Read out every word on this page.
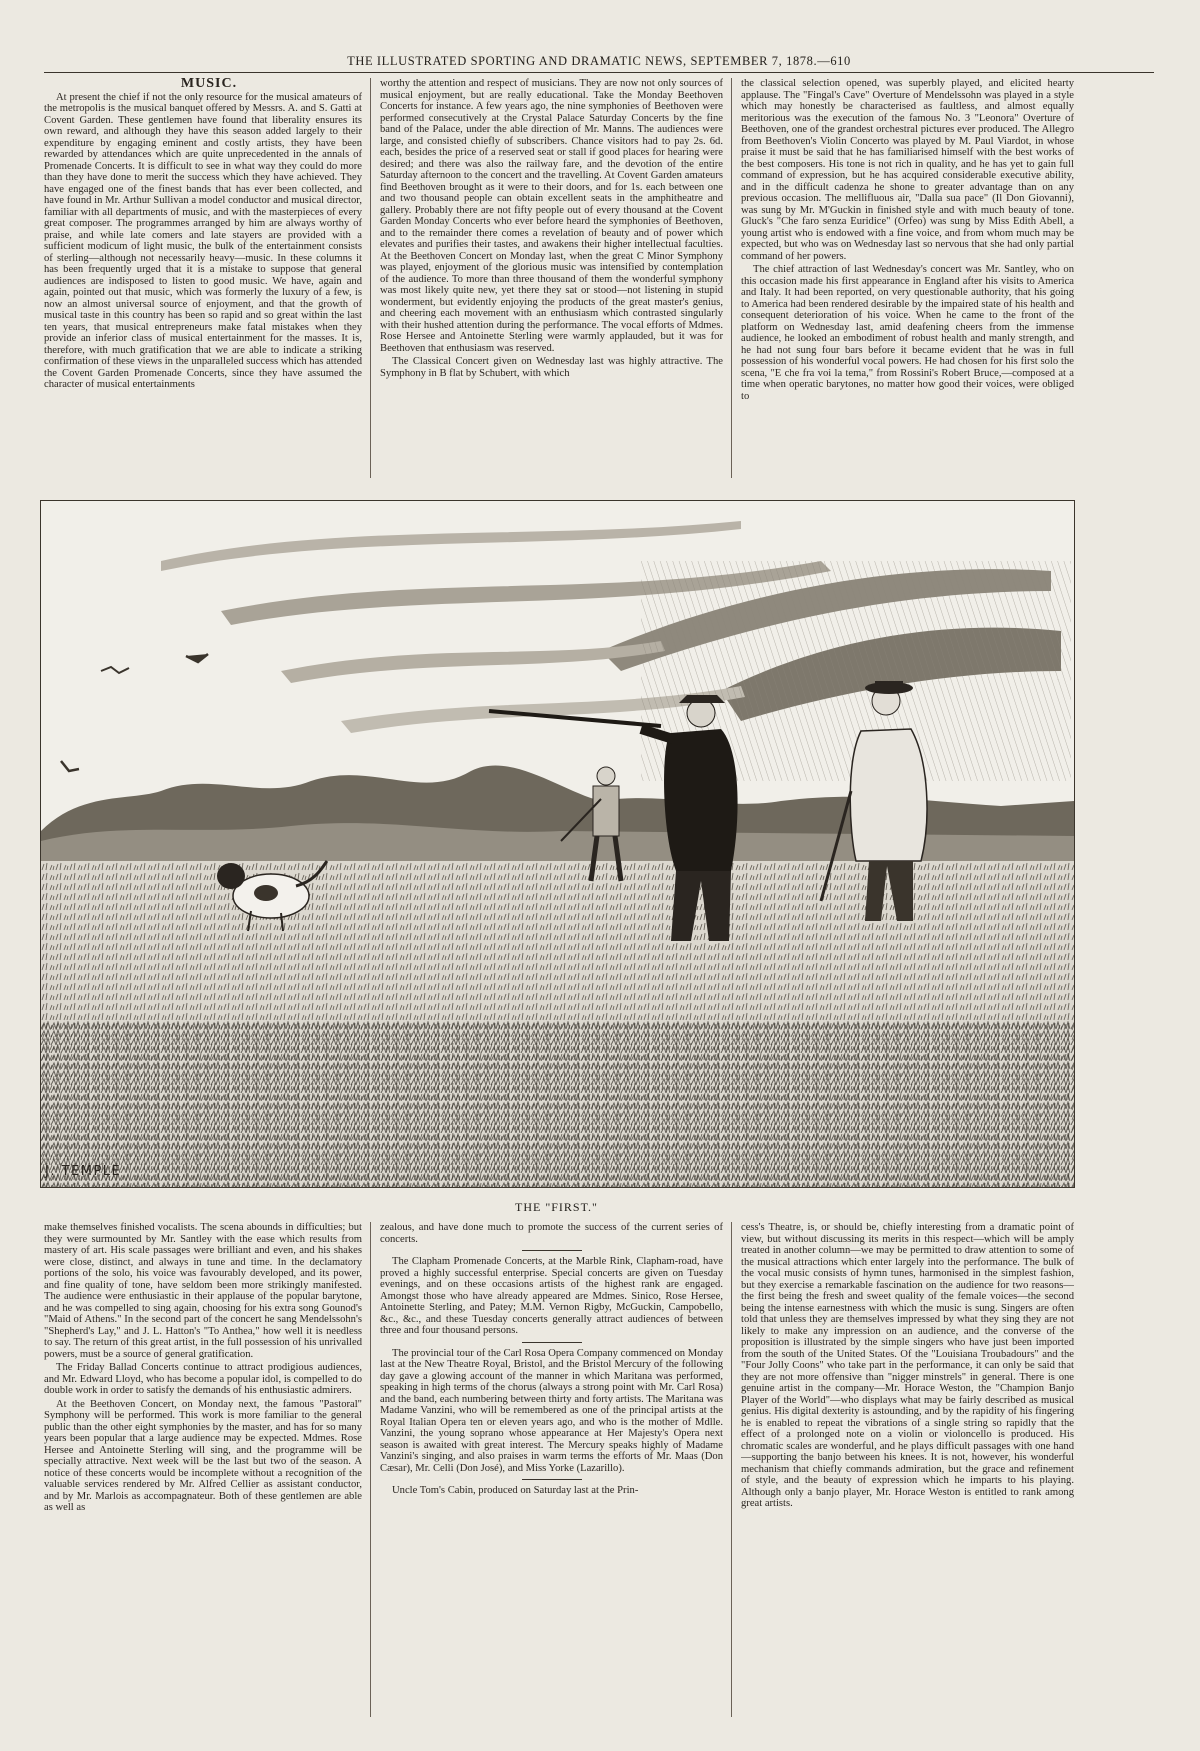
THE ILLUSTRATED SPORTING AND DRAMATIC NEWS, SEPTEMBER 7, 1878.—610

MUSIC.

At present the chief if not the only resource for the musical amateurs of the metropolis is the musical banquet offered by Messrs. A. and S. Gatti at Covent Garden. These gentlemen have found that liberality ensures its own reward, and although they have this season added largely to their expenditure by engaging eminent and costly artists, they have been rewarded by attendances which are quite unprecedented in the annals of Promenade Concerts. It is difficult to see in what way they could do more than they have done to merit the success which they have achieved. They have engaged one of the finest bands that has ever been collected, and have found in Mr. Arthur Sullivan a model conductor and musical director, familiar with all departments of music, and with the masterpieces of every great composer. The programmes arranged by him are always worthy of praise, and while late comers and late stayers are provided with a sufficient modicum of light music, the bulk of the entertainment consists of sterling—although not necessarily heavy—music. In these columns it has been frequently urged that it is a mistake to suppose that general audiences are indisposed to listen to good music. We have, again and again, pointed out that music, which was formerly the luxury of a few, is now an almost universal source of enjoyment, and that the growth of musical taste in this country has been so rapid and so great within the last ten years, that musical entrepreneurs make fatal mistakes when they provide an inferior class of musical entertainment for the masses. It is, therefore, with much gratification that we are able to indicate a striking confirmation of these views in the unparalleled success which has attended the Covent Garden Promenade Concerts, since they have assumed the character of musical entertainments

worthy the attention and respect of musicians. They are now not only sources of musical enjoyment, but are really educational. Take the Monday Beethoven Concerts for instance. A few years ago, the nine symphonies of Beethoven were performed consecutively at the Crystal Palace Saturday Concerts by the fine band of the Palace, under the able direction of Mr. Manns. The audiences were large, and consisted chiefly of subscribers. Chance visitors had to pay 2s. 6d. each, besides the price of a reserved seat or stall if good places for hearing were desired; and there was also the railway fare, and the devotion of the entire Saturday afternoon to the concert and the travelling. At Covent Garden amateurs find Beethoven brought as it were to their doors, and for 1s. each between one and two thousand people can obtain excellent seats in the amphitheatre and gallery. Probably there are not fifty people out of every thousand at the Covent Garden Monday Concerts who ever before heard the symphonies of Beethoven, and to the remainder there comes a revelation of beauty and of power which elevates and purifies their tastes, and awakens their higher intellectual faculties. At the Beethoven Concert on Monday last, when the great C Minor Symphony was played, enjoyment of the glorious music was intensified by contemplation of the audience. To more than three thousand of them the wonderful symphony was most likely quite new, yet there they sat or stood—not listening in stupid wonderment, but evidently enjoying the products of the great master's genius, and cheering each movement with an enthusiasm which contrasted singularly with their hushed attention during the performance. The vocal efforts of Mdmes. Rose Hersee and Antoinette Sterling were warmly applauded, but it was for Beethoven that enthusiasm was reserved.

The Classical Concert given on Wednesday last was highly attractive. The Symphony in B flat by Schubert, with which

the classical selection opened, was superbly played, and elicited hearty applause. The "Fingal's Cave" Overture of Mendelssohn was played in a style which may honestly be characterised as faultless, and almost equally meritorious was the execution of the famous No. 3 "Leonora" Overture of Beethoven, one of the grandest orchestral pictures ever produced. The Allegro from Beethoven's Violin Concerto was played by M. Paul Viardot, in whose praise it must be said that he has familiarised himself with the best works of the best composers. His tone is not rich in quality, and he has yet to gain full command of expression, but he has acquired considerable executive ability, and in the difficult cadenza he shone to greater advantage than on any previous occasion. The mellifluous air, "Dalla sua pace" (Il Don Giovanni), was sung by Mr. M'Guckin in finished style and with much beauty of tone. Gluck's "Che faro senza Euridice" (Orfeo) was sung by Miss Edith Abell, a young artist who is endowed with a fine voice, and from whom much may be expected, but who was on Wednesday last so nervous that she had only partial command of her powers.

The chief attraction of last Wednesday's concert was Mr. Santley, who on this occasion made his first appearance in England after his visits to America and Italy. It had been reported, on very questionable authority, that his going to America had been rendered desirable by the impaired state of his health and consequent deterioration of his voice. When he came to the front of the platform on Wednesday last, amid deafening cheers from the immense audience, he looked an embodiment of robust health and manly strength, and he had not sung four bars before it became evident that he was in full possession of his wonderful vocal powers. He had chosen for his first solo the scena, "E che fra voi la tema," from Rossini's Robert Bruce,—composed at a time when operatic barytones, no matter how good their voices, were obliged to

J. TEMPLE
THE "FIRST."

make themselves finished vocalists. The scena abounds in difficulties; but they were surmounted by Mr. Santley with the ease which results from mastery of art. His scale passages were brilliant and even, and his shakes were close, distinct, and always in tune and time. In the declamatory portions of the solo, his voice was favourably developed, and its power, and fine quality of tone, have seldom been more strikingly manifested. The audience were enthusiastic in their applause of the popular barytone, and he was compelled to sing again, choosing for his extra song Gounod's "Maid of Athens." In the second part of the concert he sang Mendelssohn's "Shepherd's Lay," and J. L. Hatton's "To Anthea," how well it is needless to say. The return of this great artist, in the full possession of his unrivalled powers, must be a source of general gratification.

The Friday Ballad Concerts continue to attract prodigious audiences, and Mr. Edward Lloyd, who has become a popular idol, is compelled to do double work in order to satisfy the demands of his enthusiastic admirers.

At the Beethoven Concert, on Monday next, the famous "Pastoral" Symphony will be performed. This work is more familiar to the general public than the other eight symphonies by the master, and has for so many years been popular that a large audience may be expected. Mdmes. Rose Hersee and Antoinette Sterling will sing, and the programme will be specially attractive. Next week will be the last but two of the season. A notice of these concerts would be incomplete without a recognition of the valuable services rendered by Mr. Alfred Cellier as assistant conductor, and by Mr. Marlois as accompagnateur. Both of these gentlemen are able as well as

zealous, and have done much to promote the success of the current series of concerts.

The Clapham Promenade Concerts, at the Marble Rink, Clapham-road, have proved a highly successful enterprise. Special concerts are given on Tuesday evenings, and on these occasions artists of the highest rank are engaged. Amongst those who have already appeared are Mdmes. Sinico, Rose Hersee, Antoinette Sterling, and Patey; M.M. Vernon Rigby, McGuckin, Campobello, &c., &c., and these Tuesday concerts generally attract audiences of between three and four thousand persons.

The provincial tour of the Carl Rosa Opera Company commenced on Monday last at the New Theatre Royal, Bristol, and the Bristol Mercury of the following day gave a glowing account of the manner in which Maritana was performed, speaking in high terms of the chorus (always a strong point with Mr. Carl Rosa) and the band, each numbering between thirty and forty artists. The Maritana was Madame Vanzini, who will be remembered as one of the principal artists at the Royal Italian Opera ten or eleven years ago, and who is the mother of Mdlle. Vanzini, the young soprano whose appearance at Her Majesty's Opera next season is awaited with great interest. The Mercury speaks highly of Madame Vanzini's singing, and also praises in warm terms the efforts of Mr. Maas (Don Cæsar), Mr. Celli (Don José), and Miss Yorke (Lazarillo).

Uncle Tom's Cabin, produced on Saturday last at the Prin-

cess's Theatre, is, or should be, chiefly interesting from a dramatic point of view, but without discussing its merits in this respect—which will be amply treated in another column—we may be permitted to draw attention to some of the musical attractions which enter largely into the performance. The bulk of the vocal music consists of hymn tunes, harmonised in the simplest fashion, but they exercise a remarkable fascination on the audience for two reasons—the first being the fresh and sweet quality of the female voices—the second being the intense earnestness with which the music is sung. Singers are often told that unless they are themselves impressed by what they sing they are not likely to make any impression on an audience, and the converse of the proposition is illustrated by the simple singers who have just been imported from the south of the United States. Of the "Louisiana Troubadours" and the "Four Jolly Coons" who take part in the performance, it can only be said that they are not more offensive than "nigger minstrels" in general. There is one genuine artist in the company—Mr. Horace Weston, the "Champion Banjo Player of the World"—who displays what may be fairly described as musical genius. His digital dexterity is astounding, and by the rapidity of his fingering he is enabled to repeat the vibrations of a single string so rapidly that the effect of a prolonged note on a violin or violoncello is produced. His chromatic scales are wonderful, and he plays difficult passages with one hand—supporting the banjo between his knees. It is not, however, his wonderful mechanism that chiefly commands admiration, but the grace and refinement of style, and the beauty of expression which he imparts to his playing. Although only a banjo player, Mr. Horace Weston is entitled to rank among great artists.
